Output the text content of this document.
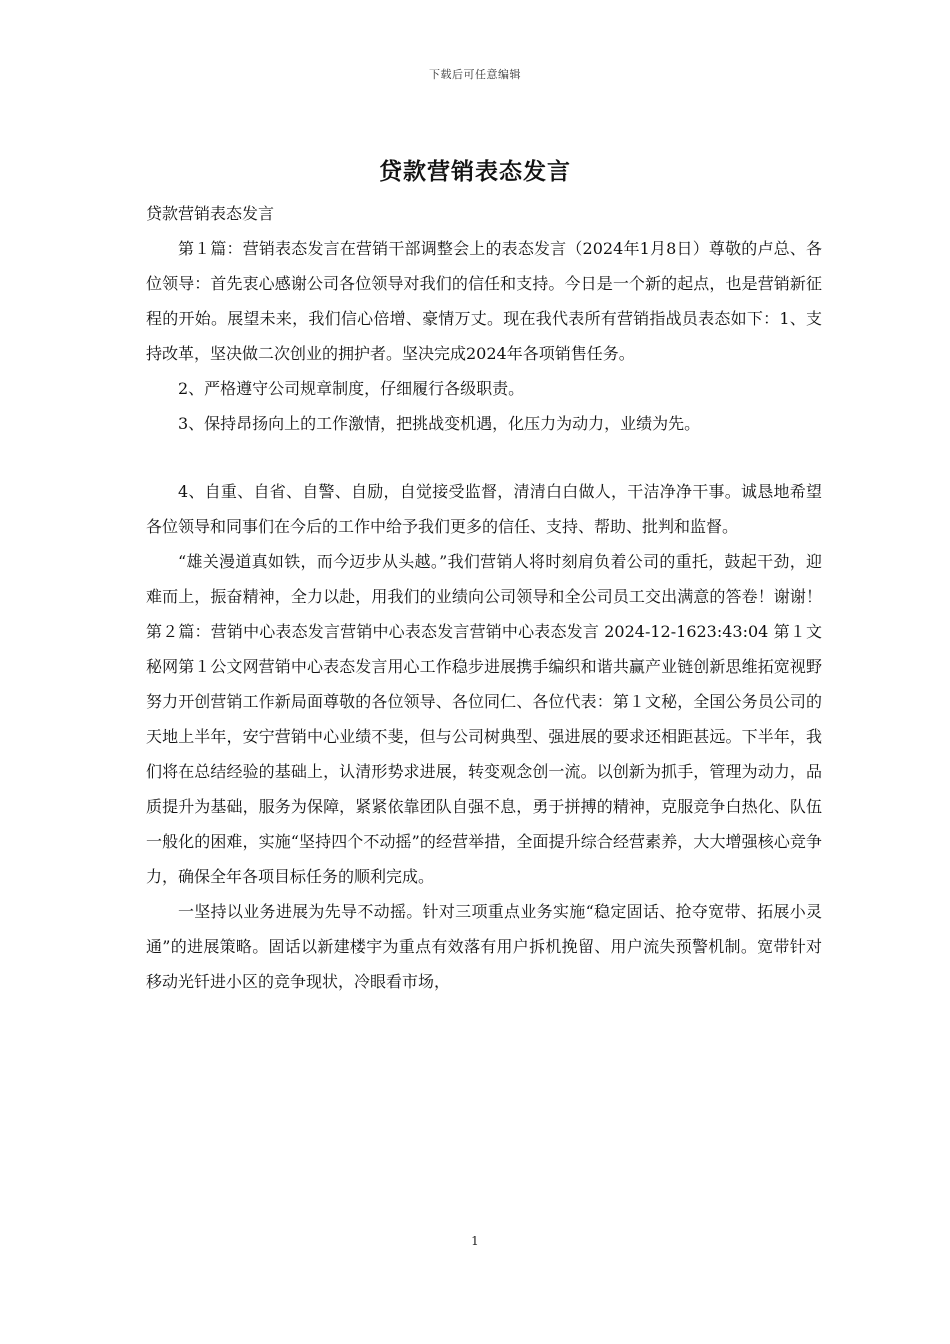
下载后可任意编辑
贷款营销表态发言

贷款营销表态发言

第１篇：营销表态发言在营销干部调整会上的表态发言（2024年1月8日）尊敬的卢总、各位领导：首先衷心感谢公司各位领导对我们的信任和支持。今日是一个新的起点，也是营销新征程的开始。展望未来，我们信心倍增、豪情万丈。现在我代表所有营销指战员表态如下：1、支持改革，坚决做二次创业的拥护者。坚决完成2024年各项销售任务。

2、严格遵守公司规章制度，仔细履行各级职责。

3、保持昂扬向上的工作激情，把挑战变机遇，化压力为动力，业绩为先。

4、自重、自省、自警、自励，自觉接受监督，清清白白做人，干洁净净干事。诚恳地希望各位领导和同事们在今后的工作中给予我们更多的信任、支持、帮助、批判和监督。

“雄关漫道真如铁，而今迈步从头越。”我们营销人将时刻肩负着公司的重托，鼓起干劲，迎难而上，振奋精神，全力以赴，用我们的业绩向公司领导和全公司员工交出满意的答卷！谢谢！第２篇：营销中心表态发言营销中心表态发言营销中心表态发言 2024-12-1623:43:04 第１文秘网第１公文网营销中心表态发言用心工作稳步进展携手编织和谐共赢产业链创新思维拓宽视野努力开创营销工作新局面尊敬的各位领导、各位同仁、各位代表：第１文秘，全国公务员公司的天地上半年，安宁营销中心业绩不斐，但与公司树典型、强进展的要求还相距甚远。下半年，我们将在总结经验的基础上，认清形势求进展，转变观念创一流。以创新为抓手，管理为动力，品质提升为基础，服务为保障，紧紧依靠团队自强不息，勇于拼搏的精神，克服竞争白热化、队伍一般化的困难，实施“坚持四个不动摇”的经营举措，全面提升综合经营素养，大大增强核心竞争力，确保全年各项目标任务的顺利完成。

一坚持以业务进展为先导不动摇。针对三项重点业务实施“稳定固话、抢夺宽带、拓展小灵通”的进展策略。固话以新建楼宇为重点有效落有用户拆机挽留、用户流失预警机制。宽带针对移动光钎进小区的竞争现状，冷眼看市场，

1
